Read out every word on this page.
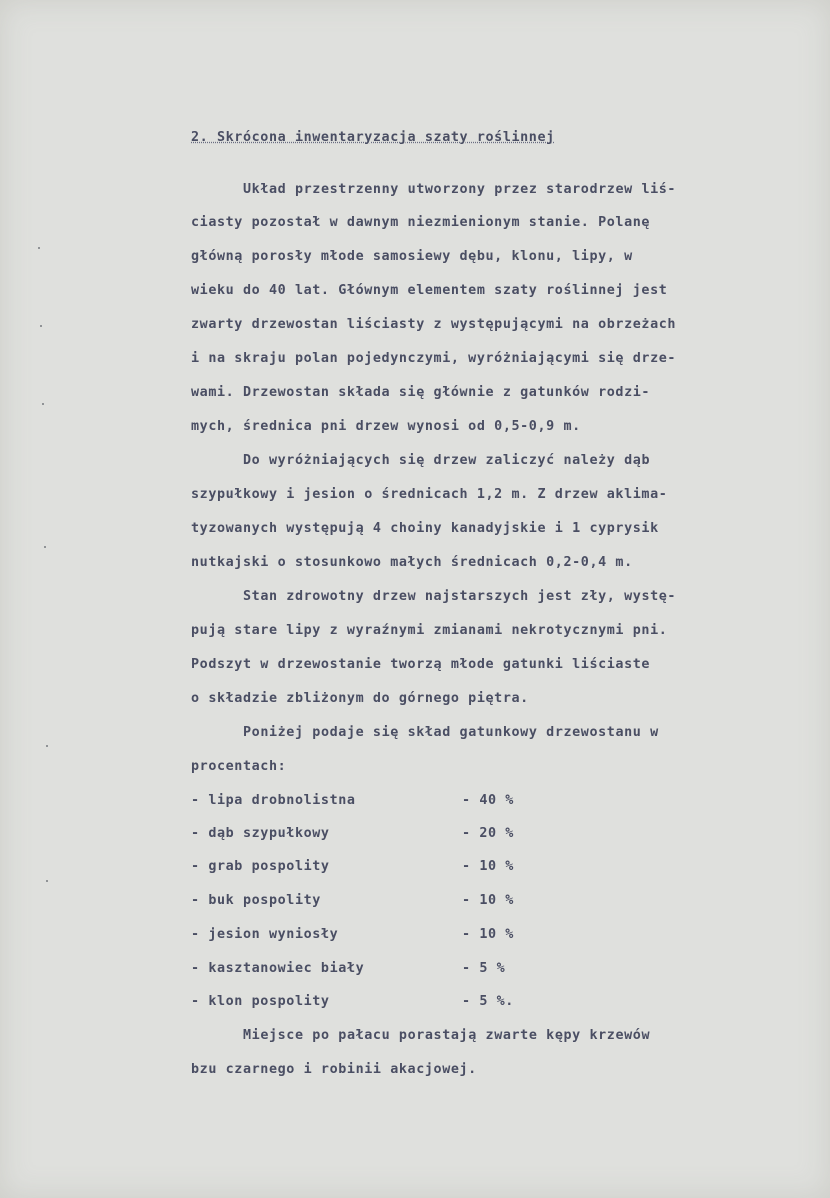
2. Skrócona inwentaryzacja szaty roślinnej
Układ przestrzenny utworzony przez starodrzew liś-
ciasty pozostał w dawnym niezmienionym stanie. Polanę
główną porosły młode samosiewy dębu, klonu, lipy, w
wieku do 40 lat. Głównym elementem szaty roślinnej jest
zwarty drzewostan liściasty z występującymi na obrzeżach
i na skraju polan pojedynczymi, wyróżniającymi się drze-
wami. Drzewostan składa się głównie z gatunków rodzi-
mych, średnica pni drzew wynosi od 0,5-0,9 m.
Do wyróżniających się drzew zaliczyć należy dąb
szypułkowy i jesion o średnicach 1,2 m. Z drzew aklima-
tyzowanych występują 4 choiny kanadyjskie i 1 cyprysik
nutkajski o stosunkowo małych średnicach 0,2-0,4 m.
Stan zdrowotny drzew najstarszych jest zły, wystę-
pują stare lipy z wyraźnymi zmianami nekrotycznymi pni.
Podszyt w drzewostanie tworzą młode gatunki liściaste
o składzie zbliżonym do górnego piętra.
Poniżej podaje się skład gatunkowy drzewostanu w
procentach:
- lipa drobnolistna	- 40 %
- dąb szypułkowy	- 20 %
- grab pospolity	- 10 %
- buk pospolity	- 10 %
- jesion wyniosły	- 10 %
- kasztanowiec biały	- 5 %
- klon pospolity	- 5 %.
Miejsce po pałacu porastają zwarte kępy krzewów
bzu czarnego i robinii akacjowej.
